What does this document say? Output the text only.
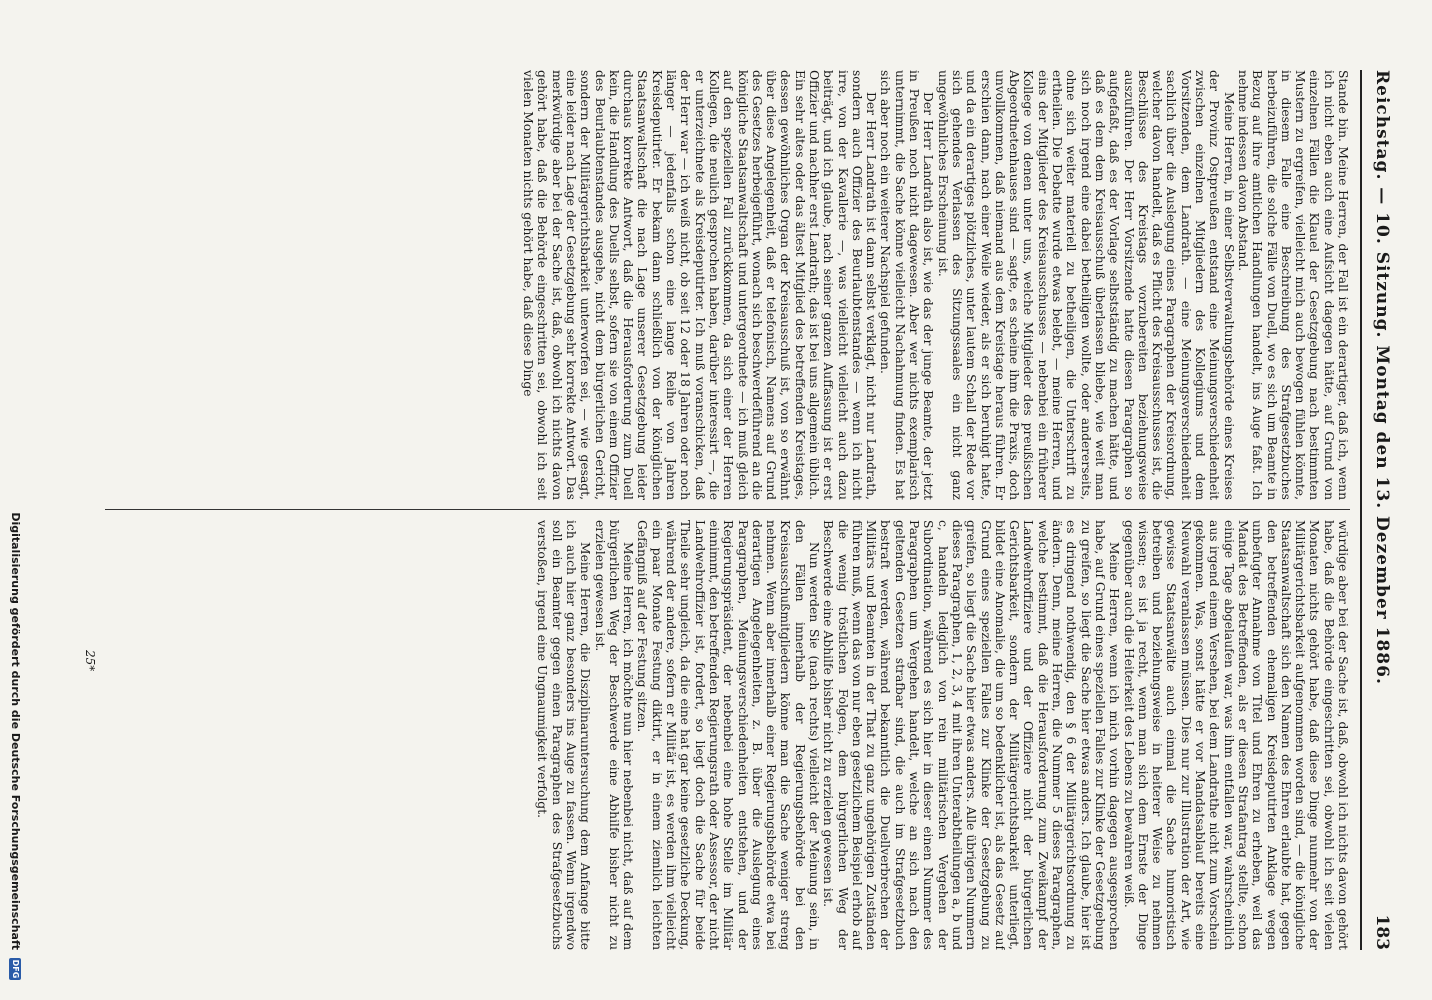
Reichstag. — 10. Sitzung. Montag den 13. Dezember 1886.
183

Stande bin. Meine Herren, der Fall ist ein derartiger, daß ich, wenn ich nicht eben auch eine Aufsicht dagegen hätte, auf Grund von einzelnen Fällen die Klauel der Gesetzgebung nach bestimmten Mustern zu ergreifen, vielleicht mich auch bewogen fühlen könnte, in diesem Falle eine Beschreibung des Strafgesetzbuches herbeizuführen, die solche Fälle von Duell, wo es sich um Beamte in Bezug auf ihre amtlichen Handlungen handelt, ins Auge faßt. Ich nehme indessen davon Abstand.

Meine Herren, in einer Selbstverwaltungsbehörde eines Kreises der Provinz Ostpreußen entstand eine Meinungsverschiedenheit zwischen einzelnen Mitgliedern des Kollegiums und dem Vorsitzenden, dem Landrath. — eine Meinungsverschiedenheit sachlich über die Auslegung eines Paragraphen der Kreisordnung, welcher davon handelt, daß es Pflicht des Kreisausschusses ist, die Beschlüsse des Kreistags vorzubereiten beziehungsweise auszuführen. Der Herr Vorsitzende hatte diesen Paragraphen so aufgefaßt, daß es der Vorlage selbstständig zu machen hätte, und daß es dem dem Kreisausschuß überlassen bliebe, wie weit man sich noch irgend eine dabei betheiligen wollte, oder andererseits, ohne sich weiter materiell zu betheiligen, die Unterschrift zu ertheilen. Die Debatte wurde etwas belebt, — meine Herren, und eins der Mitglieder des Kreisausschusses — nebenbei ein früherer Kollege von denen unter uns, welche Mitglieder des preußischen Abgeordnetenhauses sind — sagte, es scheine ihm die Praxis, doch unvollkommen, daß niemand aus dem Kreistage heraus führen. Er erschien dann, nach einer Weile wieder, als er sich beruhigt hatte, und da ein derartiges plötzliches, unter lautem Schall der Rede vor sich gehendes Verlassen des Sitzungssaales ein nicht ganz ungewöhnliches Erscheinung ist.

Der Herr Landrath also ist, wie das der junge Beamte, der jetzt in Preußen noch nicht dagewesen. Aber wer nichts exemplarisch unternimmt, die Sache könne vielleicht Nachahmung finden. Es hat sich aber noch ein weiterer Nachspiel gefunden.

Der Herr Landrath ist dann selbst verklagt, nicht nur Landrath, sondern auch Offizier des Beurlaubtenstandes — wenn ich nicht irre, von der Kavallerie —, was vielleicht vielleicht auch dazu beiträgt, und ich glaube, nach seiner ganzen Auffassung ist er erst Offizier und nachher erst Landrath; das ist bei uns allgemein üblich. Ein sehr altes oder das ältest Mitglied des betreffenden Kreistages, dessen gewöhnliches Organ der Kreisausschuß ist, von so erwähnt über diese Angelegenheit, daß er telefonisch, Namens auf Grund des Gesetzes herbeigeführt, wonach sich beschwerdeführend an die königliche Staatsanwaltschaft und untergeordnete — ich muß gleich auf den speziellen Fall zurückkommen, da sich einer der Herren Kollegen, die neulich gesprochen haben, darüber interessirt —, die er unterzeichnete als Kreisdeputirter. Ich muß voranschicken, daß der Herr war — ich weiß nicht, ob seit 12 oder 18 Jahren oder noch länger — jedenfalls schon eine lange Reihe von Jahren Kreisdeputirter. Er bekam dann schließlich von der königlichen Staatsanwaltschaft die nach Lage unserer Gesetzgebung leider durchaus korrekte Antwort, daß die Herausforderung zum Duell kein, die Handlung des Duells selbst, sofern sie von einem Offizier des Beurlaubtenstandes ausgehe, nicht dem bürgerlichen Gericht, sondern der Militärgerichtsbarkeit unterworfen sei, — wie gesagt, eine leider nach Lage der Gesetzgebung sehr korrekte Antwort. Das merkwürdige aber bei der Sache ist, daß, obwohl ich nichts davon gehört habe, daß die Behörde eingeschritten sei, obwohl ich seit vielen Monaten nichts gehört habe, daß diese Dinge

würdige aber bei der Sache ist, daß, obwohl ich nichts davon gehört habe, daß die Behörde eingeschritten sei, obwohl ich seit vielen Monaten nichts gehört habe, daß diese Dinge nunmehr von der Militärgerichtsbarkeit aufgenommen worden sind, — die königliche Staatsanwaltschaft sich den Namen des Ehren erlaubte hat, gegen den betreffenden ehemaligen Kreisdeputirten Anklage wegen unbefugter Annahme von Titel und Ehren zu erheben, weil das Mandat des Betreffenden, als er diesen Strafantrag stellte, schon einige Tage abgelaufen war, was ihm entfallen war, wahrscheinlich aus irgend einem Versehen, bei dem Landrathe nicht zum Vorschein gekommen. Was, sonst hätte er vor Mandatsablauf bereits eine Neuwahl veranlassen müssen. Dies nur zur Illustration der Art, wie gewisse Staatsanwälte auch einmal die Sache humoristisch betreiben und beziehungsweise in heiterer Weise zu nehmen wissen; es ist ja recht, wenn man sich dem Ernste der Dinge gegenüber auch die Heiterkeit des Lebens zu bewahren weiß.

Meine Herren, wenn ich mich vorhin dagegen ausgesprochen habe, auf Grund eines speziellen Falles zur Klinke der Gesetzgebung zu greifen, so liegt die Sache hier etwas anders. Ich glaube, hier ist es dringend nothwendig, den § 6 der Militärgerichtsordnung zu ändern. Denn, meine Herren, die Nummer 5 dieses Paragraphen, welche bestimmt, daß die Herausforderung zum Zweikampf der Landwehroffiziere und der Offiziere nicht der bürgerlichen Gerichtsbarkeit, sondern der Militärgerichtsbarkeit unterliegt, bildet eine Anomalie, die um so bedenklicher ist, als das Gesetz auf Grund eines speziellen Falles zur Klinke der Gesetzgebung zu greifen, so liegt die Sache hier etwas anders. Alle übrigen Nummern dieses Paragraphen, 1, 2, 3, 4 mit ihren Unterabtheilungen a, b und c, handeln lediglich von rein militärischen Vergehen der Subordination, während es sich hier in dieser einen Nummer des Paragraphen um Vergehen handelt, welche an sich nach den geltenden Gesetzen strafbar sind, die auch im Strafgesetzbuch bestraft werden, während bekanntlich die Duellverbrechen der Militärs und Beamten in der That zu ganz ungehörigen Zuständen führen muß, wenn das von nur eben gesetzlichem Beispiel erhob auf die wenig tröstlichen Folgen, dem bürgerlichen Weg der Beschwerde eine Abhilfe bisher nicht zu erzielen gewesen ist.

Nun werden Sie (nach rechts) vielleicht der Meinung sein, in den Fällen innerhalb der Regierungsbehörde bei den Kreisausschußmitgliedern könne man die Sache weniger streng nehmen. Wenn aber innerhalb einer Regierungsbehörde etwa bei derartigen Angelegenheiten, z. B. über die Auslegung eines Paragraphen, Meinungsverschiedenheiten entstehen, und der Regierungspräsident, der nebenbei eine hohe Stelle im Militär einnimmt, den betreffenden Regierungsrath oder Assessor, der nicht Landwehroffizier ist, fordert, so liegt doch die Sache für beide Theile sehr ungleich, da die eine hat gar keine gesetzliche Deckung, während der andere, sofern er Militär ist, es werden ihm vielleicht ein paar Monate Festung diktirt, er in einem ziemlich leichten Gefängniß auf der Festung sitzen.

Meine Herren, ich möchte nun hier nebenbei nicht, daß auf dem bürgerlichen Weg der Beschwerde eine Abhilfe bisher nicht zu erzielen gewesen ist.

Meine Herren, die Disziplinaruntersuchung dem Anfange bitte ich auch hier ganz besonders ins Auge zu fassen. Wenn irgendwo soll ein Beamter gegen einen Paragraphen des Strafgesetzbuchs verstoßen, irgend eine Ungnaumigkeit verfolgt.

25*
Digitalisierung gefördert durch die Deutsche Forschungsgemeinschaft
DFG
